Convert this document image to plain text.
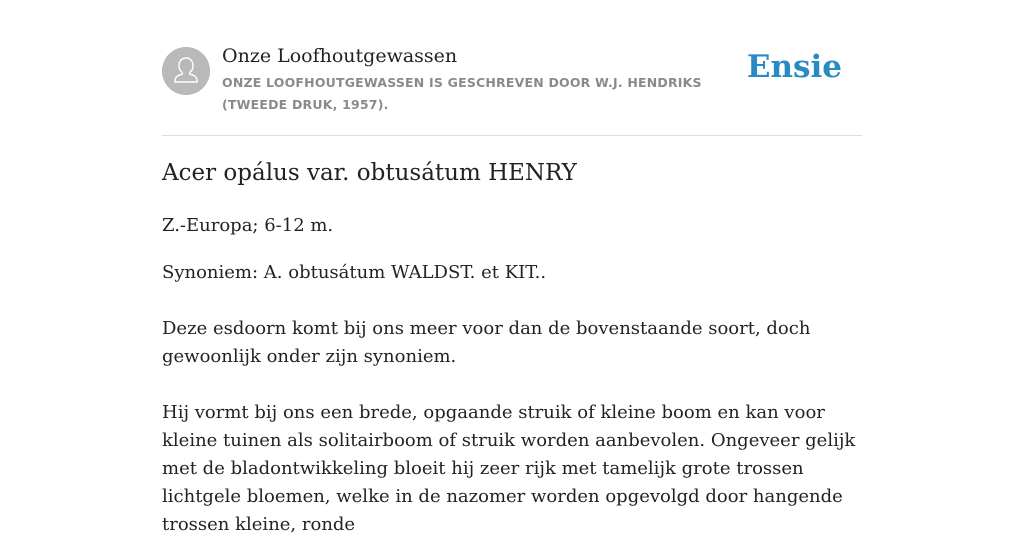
Onze Loofhoutgewassen
ONZE LOOFHOUTGEWASSEN IS GESCHREVEN DOOR W.J. HENDRIKS (TWEEDE DRUK, 1957).
Ensie
Acer opálus var. obtusátum HENRY

Z.-Europa; 6-12 m.

Synoniem: A. obtusátum WALDST. et KIT..

Deze esdoorn komt bij ons meer voor dan de bovenstaande soort, doch gewoonlijk onder zijn synoniem.

Hij vormt bij ons een brede, opgaande struik of kleine boom en kan voor kleine tuinen als solitairboom of struik worden aanbevolen. Ongeveer gelijk met de bladontwikkeling bloeit hij zeer rijk met tamelijk grote trossen lichtgele bloemen, welke in de nazomer worden opgevolgd door hangende trossen kleine, ronde
